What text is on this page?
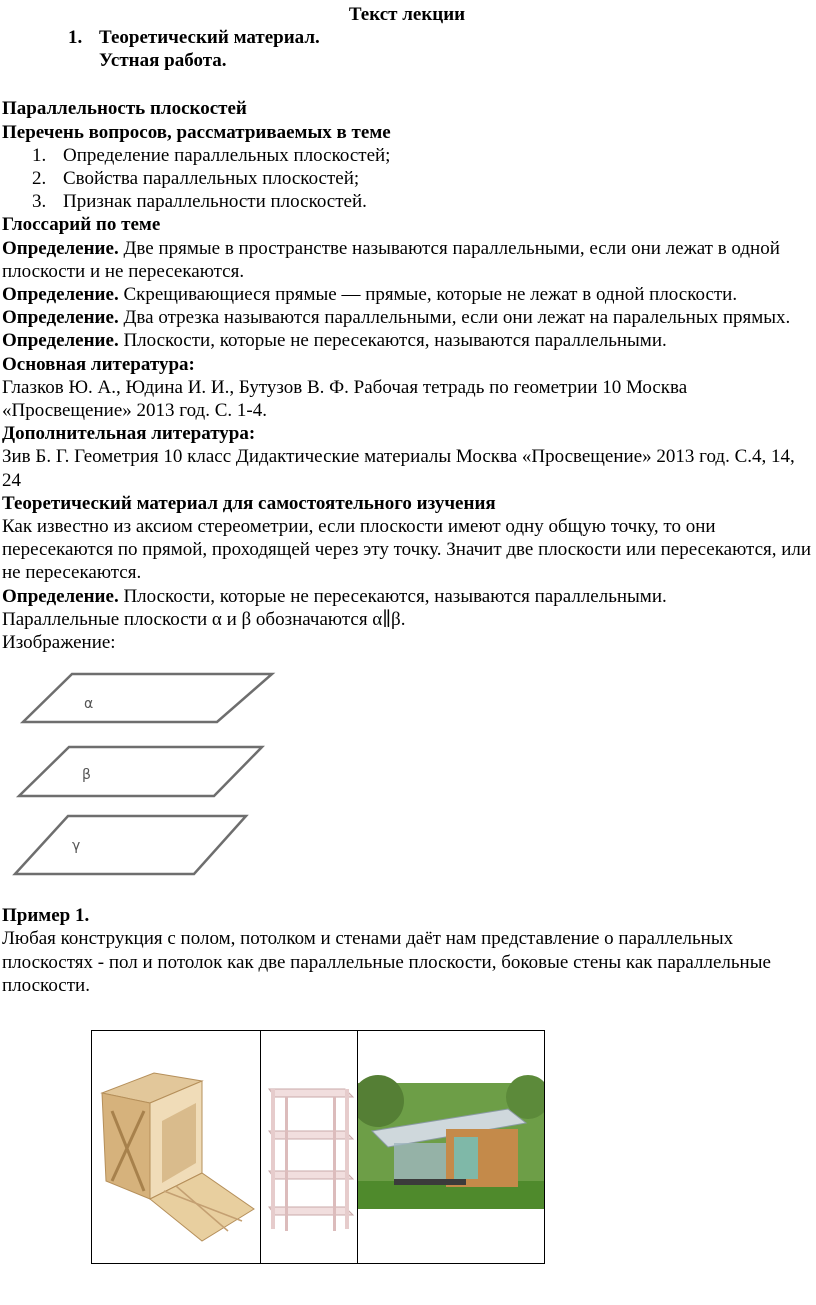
Текст лекции
1. Теоретический материал.
Устная работа.

Параллельность плоскостей

Перечень вопросов, рассматриваемых в теме

1. Определение параллельных плоскостей;
2. Свойства параллельных плоскостей;
3. Признак параллельности плоскостей.

Глоссарий по теме

Определение. Две прямые в пространстве называются параллельными, если они лежат в одной плоскости и не пересекаются.

Определение. Скрещивающиеся прямые — прямые, которые не лежат в одной плоскости.

Определение. Два отрезка называются параллельными, если они лежат на паралельных прямых.

Определение. Плоскости, которые не пересекаются, называются параллельными.

Основная литература:

Глазков Ю. А., Юдина И. И., Бутузов В. Ф. Рабочая тетрадь по геометрии 10 Москва «Просвещение» 2013 год. С. 1-4.

Дополнительная литература:

Зив Б. Г. Геометрия 10 класс Дидактические материалы Москва «Просвещение» 2013 год. С.4, 14, 24

Теоретический материал для самостоятельного изучения

Как известно из аксиом стереометрии, если плоскости имеют одну общую точку, то они пересекаются по прямой, проходящей через эту точку. Значит две плоскости или пересекаются, или не пересекаются.

Определение. Плоскости, которые не пересекаются, называются параллельными.

Параллельные плоскости α и β обозначаются α∥β.

Изображение:

α
β
γ

Пример 1.

Любая конструкция с полом, потолком и стенами даёт нам представление о параллельных плоскостях - пол и потолок как две параллельные плоскости, боковые стены как параллельные плоскости.
